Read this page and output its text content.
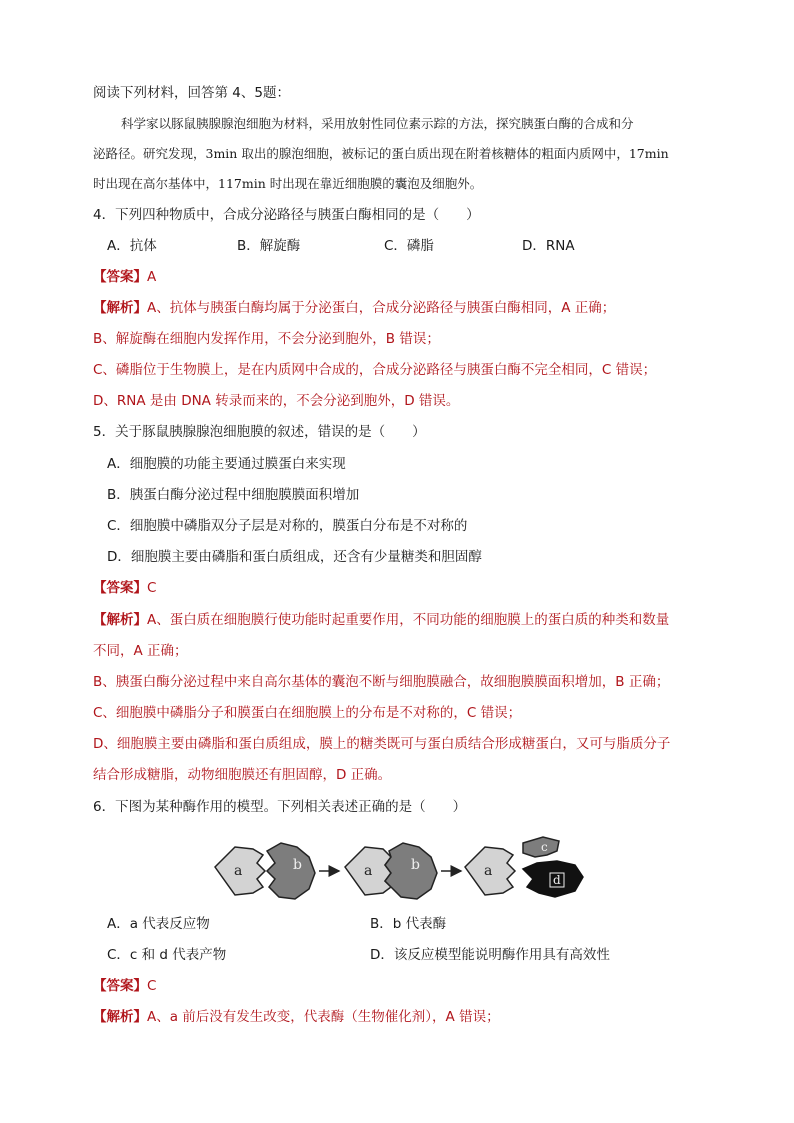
阅读下列材料，回答第 4、5题：
科学家以豚鼠胰腺腺泡细胞为材料，采用放射性同位素示踪的方法，探究胰蛋白酶的合成和分
泌路径。研究发现，3min 取出的腺泡细胞，被标记的蛋白质出现在附着核糖体的粗面内质网中，17min
时出现在高尔基体中，117min 时出现在靠近细胞膜的囊泡及细胞外。
4．下列四种物质中，合成分泌路径与胰蛋白酶相同的是（　　）
A．抗体	B．解旋酶	C．磷脂	D．RNA
【答案】A
【解析】A、抗体与胰蛋白酶均属于分泌蛋白，合成分泌路径与胰蛋白酶相同，A 正确；
B、解旋酶在细胞内发挥作用，不会分泌到胞外，B 错误；
C、磷脂位于生物膜上，是在内质网中合成的，合成分泌路径与胰蛋白酶不完全相同，C 错误；
D、RNA 是由 DNA 转录而来的，不会分泌到胞外，D 错误。
5．关于豚鼠胰腺腺泡细胞膜的叙述，错误的是（　　）
A．细胞膜的功能主要通过膜蛋白来实现
B．胰蛋白酶分泌过程中细胞膜膜面积增加
C．细胞膜中磷脂双分子层是对称的，膜蛋白分布是不对称的
D．细胞膜主要由磷脂和蛋白质组成，还含有少量糖类和胆固醇
【答案】C
【解析】A、蛋白质在细胞膜行使功能时起重要作用，不同功能的细胞膜上的蛋白质的种类和数量
不同，A 正确；
B、胰蛋白酶分泌过程中来自高尔基体的囊泡不断与细胞膜融合，故细胞膜膜面积增加，B 正确；
C、细胞膜中磷脂分子和膜蛋白在细胞膜上的分布是不对称的，C 错误；
D、细胞膜主要由磷脂和蛋白质组成，膜上的糖类既可与蛋白质结合形成糖蛋白，又可与脂质分子
结合形成糖脂，动物细胞膜还有胆固醇，D 正确。
6．下图为某种酶作用的模型。下列相关表述正确的是（　　）
a	b	a	b	a
c
d
A．a 代表反应物	B．b 代表酶
C．c 和 d 代表产物	D．该反应模型能说明酶作用具有高效性
【答案】C
【解析】A、a 前后没有发生改变，代表酶（生物催化剂），A 错误；
